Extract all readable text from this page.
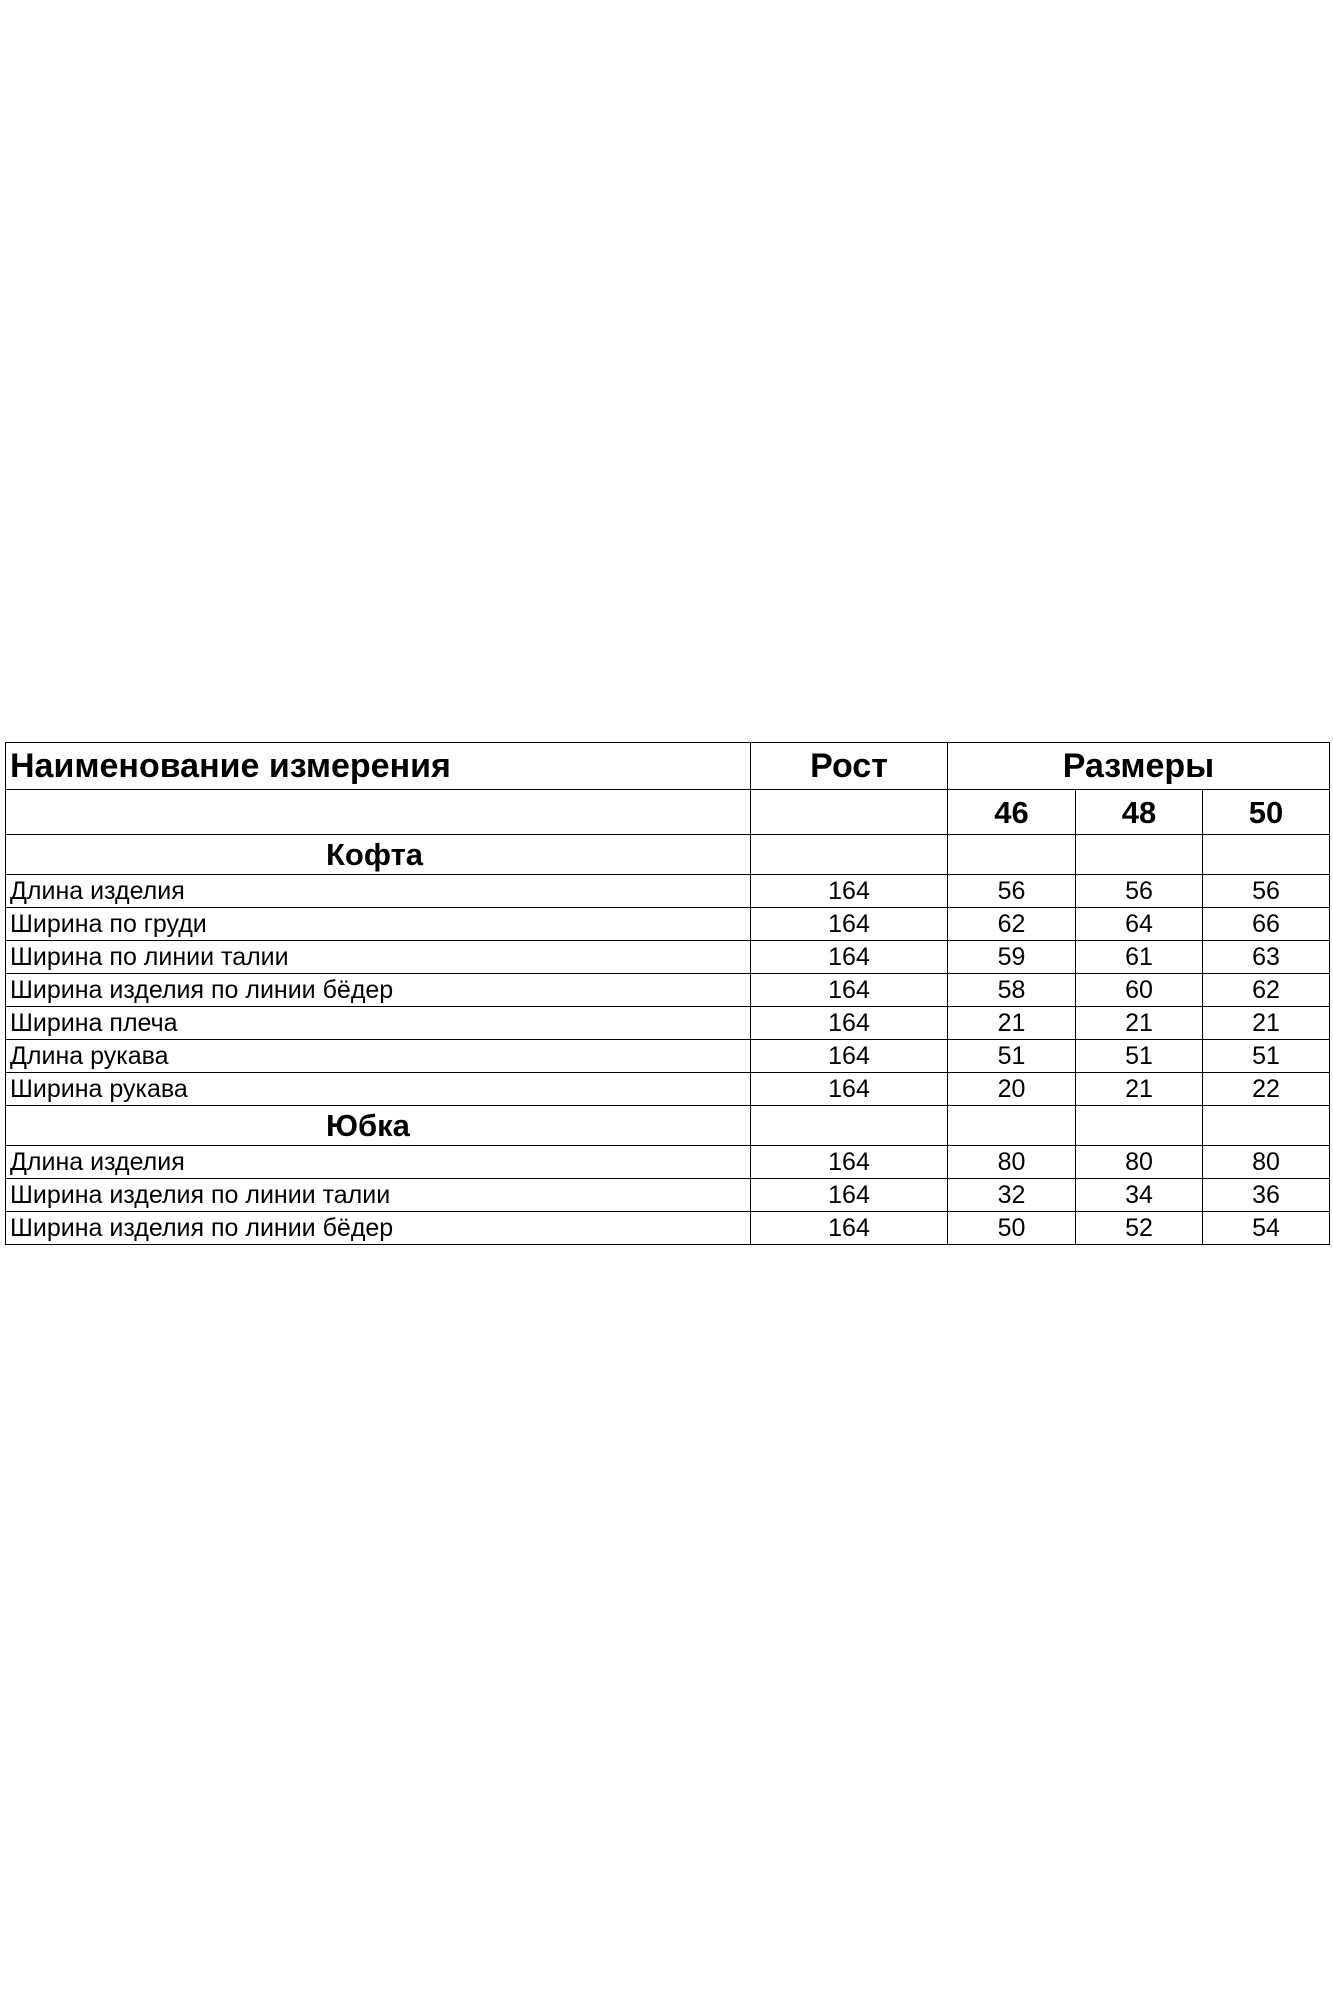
Наименование измерения	Рост	Размеры		
		46	48	50
Кофта				
Длина изделия	164	56	56	56
Ширина по груди	164	62	64	66
Ширина по линии талии	164	59	61	63
Ширина изделия по линии бёдер	164	58	60	62
Ширина плеча	164	21	21	21
Длина рукава	164	51	51	51
Ширина рукава	164	20	21	22
Юбка				
Длина изделия	164	80	80	80
Ширина изделия по линии талии	164	32	34	36
Ширина изделия по линии бёдер	164	50	52	54
